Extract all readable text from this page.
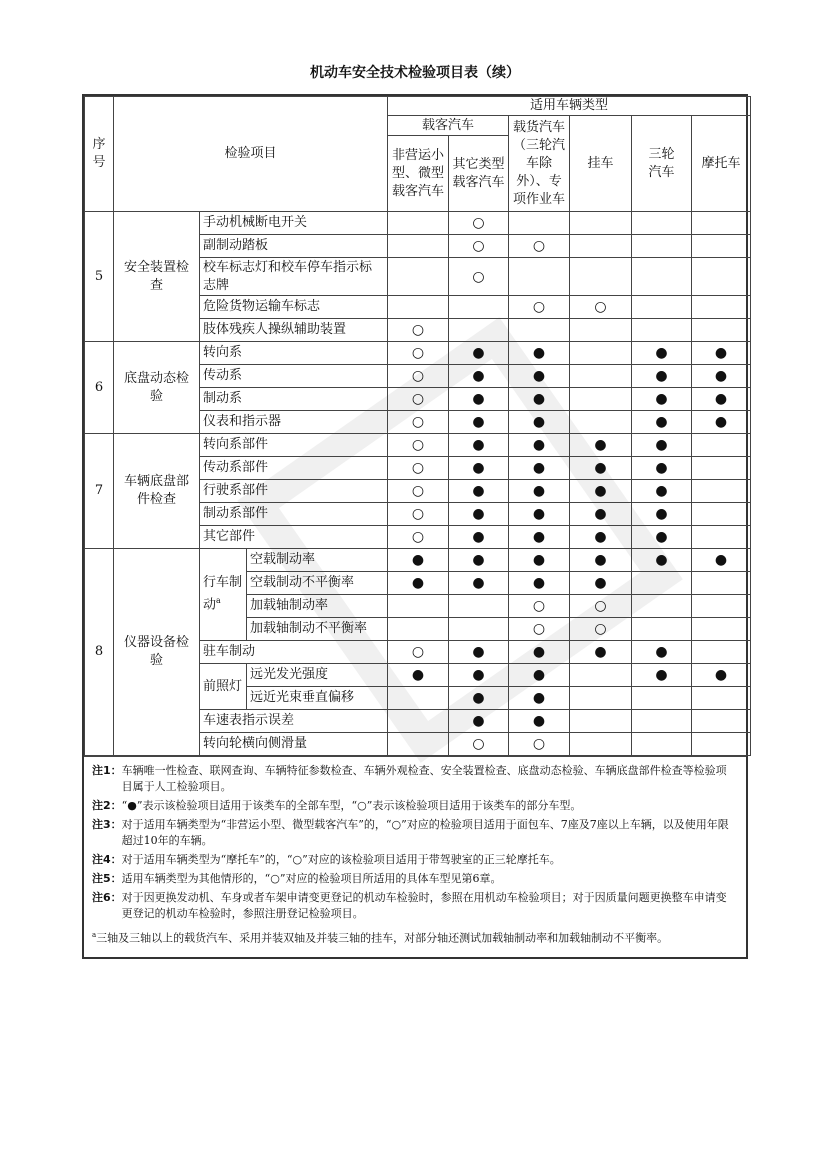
机动车安全技术检验项目表（续）
序号	检验项目			适用车辆类型					
				载客汽车		载货汽车（三轮汽车除外）、专项作业车	挂车	三轮汽车	摩托车
				非营运小型、微型载客汽车	其它类型载客汽车				
5	安全装置检查	手动机械断电开关			○				
		副制动踏板			○	○			
		校车标志灯和校车停车指示标志牌			○				
		危险货物运输车标志				○	○		
		肢体残疾人操纵辅助装置		○					
6	底盘动态检验	转向系		○	●	●		●	●
		传动系		○	●	●		●	●
		制动系		○	●	●		●	●
		仪表和指示器		○	●	●		●	●
7	车辆底盘部件检查	转向系部件		○	●	●	●	●	
		传动系部件		○	●	●	●	●	
		行驶系部件		○	●	●	●	●	
		制动系部件		○	●	●	●	●	
		其它部件		○	●	●	●	●	
8	仪器设备检验	行车制动$^a$	空载制动率	●	●	●	●	●	●
			空载制动不平衡率	●	●	●	●		
			加载轴制动率			○	○		
			加载轴制动不平衡率			○	○		
		驻车制动		○	●	●	●	●	
		前照灯	远光发光强度	●	●	●		●	●
			远近光束垂直偏移		●	●			
		车速表指示误差			●	●			
		转向轮横向侧滑量			○	○			
注1： 车辆唯一性检查、联网查询、车辆特征参数检查、车辆外观检查、安全装置检查、底盘动态检验、车辆底盘部件检查等检验项目属于人工检验项目。
注2： “●”表示该检验项目适用于该类车的全部车型，“○”表示该检验项目适用于该类车的部分车型。
注3： 对于适用车辆类型为“非营运小型、微型载客汽车”的，“○”对应的检验项目适用于面包车、7座及7座以上车辆，以及使用年限超过10年的车辆。
注4： 对于适用车辆类型为“摩托车”的，“○”对应的该检验项目适用于带驾驶室的正三轮摩托车。
注5： 适用车辆类型为其他情形的，“○”对应的检验项目所适用的具体车型见第6章。
注6： 对于因更换发动机、车身或者车架申请变更登记的机动车检验时，参照在用机动车检验项目；对于因质量问题更换整车申请变更登记的机动车检验时，参照注册登记检验项目。
$^a$三轴及三轴以上的载货汽车、采用并装双轴及并装三轴的挂车，对部分轴还测试加载轴制动率和加载轴制动不平衡率。
